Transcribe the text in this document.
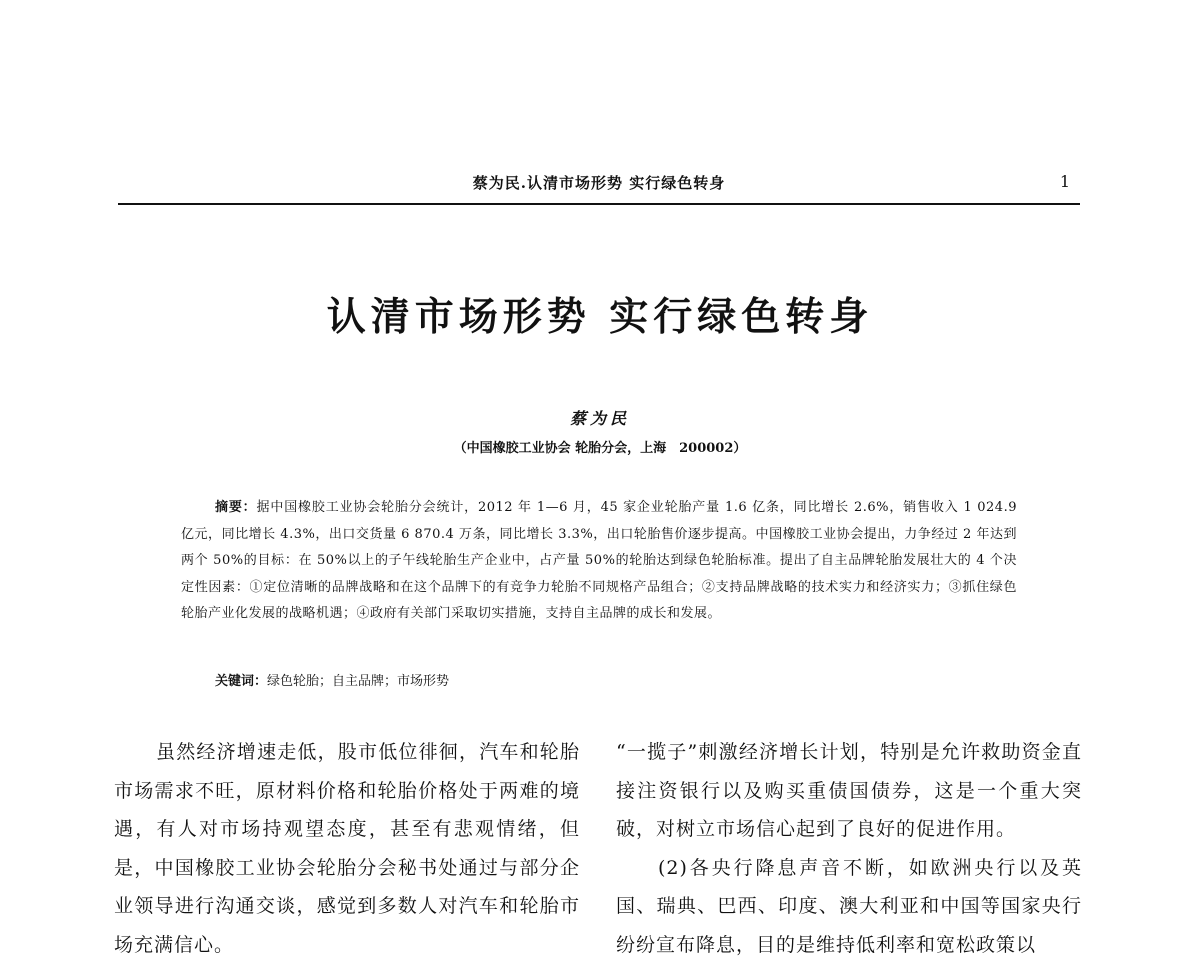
蔡为民.认清市场形势 实行绿色转身	1
认清市场形势 实行绿色转身
蔡为民
（中国橡胶工业协会 轮胎分会，上海　200002）

摘要：据中国橡胶工业协会轮胎分会统计，2012 年 1—6 月，45 家企业轮胎产量 1.6 亿条，同比增长 2.6%，销售收入 1 024.9 亿元，同比增长 4.3%，出口交货量 6 870.4 万条，同比增长 3.3%，出口轮胎售价逐步提高。中国橡胶工业协会提出，力争经过 2 年达到两个 50%的目标：在 50%以上的子午线轮胎生产企业中，占产量 50%的轮胎达到绿色轮胎标准。提出了自主品牌轮胎发展壮大的 4 个决定性因素：①定位清晰的品牌战略和在这个品牌下的有竞争力轮胎不同规格产品组合；②支持品牌战略的技术实力和经济实力；③抓住绿色轮胎产业化发展的战略机遇；④政府有关部门采取切实措施，支持自主品牌的成长和发展。

关键词：绿色轮胎；自主品牌；市场形势

虽然经济增速走低，股市低位徘徊，汽车和轮胎市场需求不旺，原材料价格和轮胎价格处于两难的境遇，有人对市场持观望态度，甚至有悲观情绪，但是，中国橡胶工业协会轮胎分会秘书处通过与部分企业领导进行沟通交谈，感觉到多数人对汽车和轮胎市场充满信心。

“一揽子”刺激经济增长计划，特别是允许救助资金直接注资银行以及购买重债国债券，这是一个重大突破，对树立市场信心起到了良好的促进作用。

(2)各央行降息声音不断，如欧洲央行以及英国、瑞典、巴西、印度、澳大利亚和中国等国家央行纷纷宣布降息，目的是维持低利率和宽松政策以
